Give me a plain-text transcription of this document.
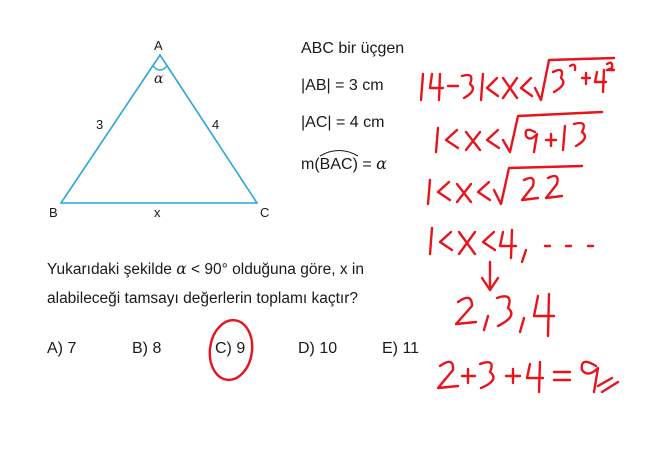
A
B	C
3	4
x
α
ABC bir üçgen
|AB| = 3 cm
|AC| = 4 cm
m(
BAC) = α
Yukarıdaki şekilde α < 90° olduğuna göre, x in
alabileceği tamsayı değerlerin toplamı kaçtır?
A) 7	B) 8	C) 9	D) 10	E) 11
